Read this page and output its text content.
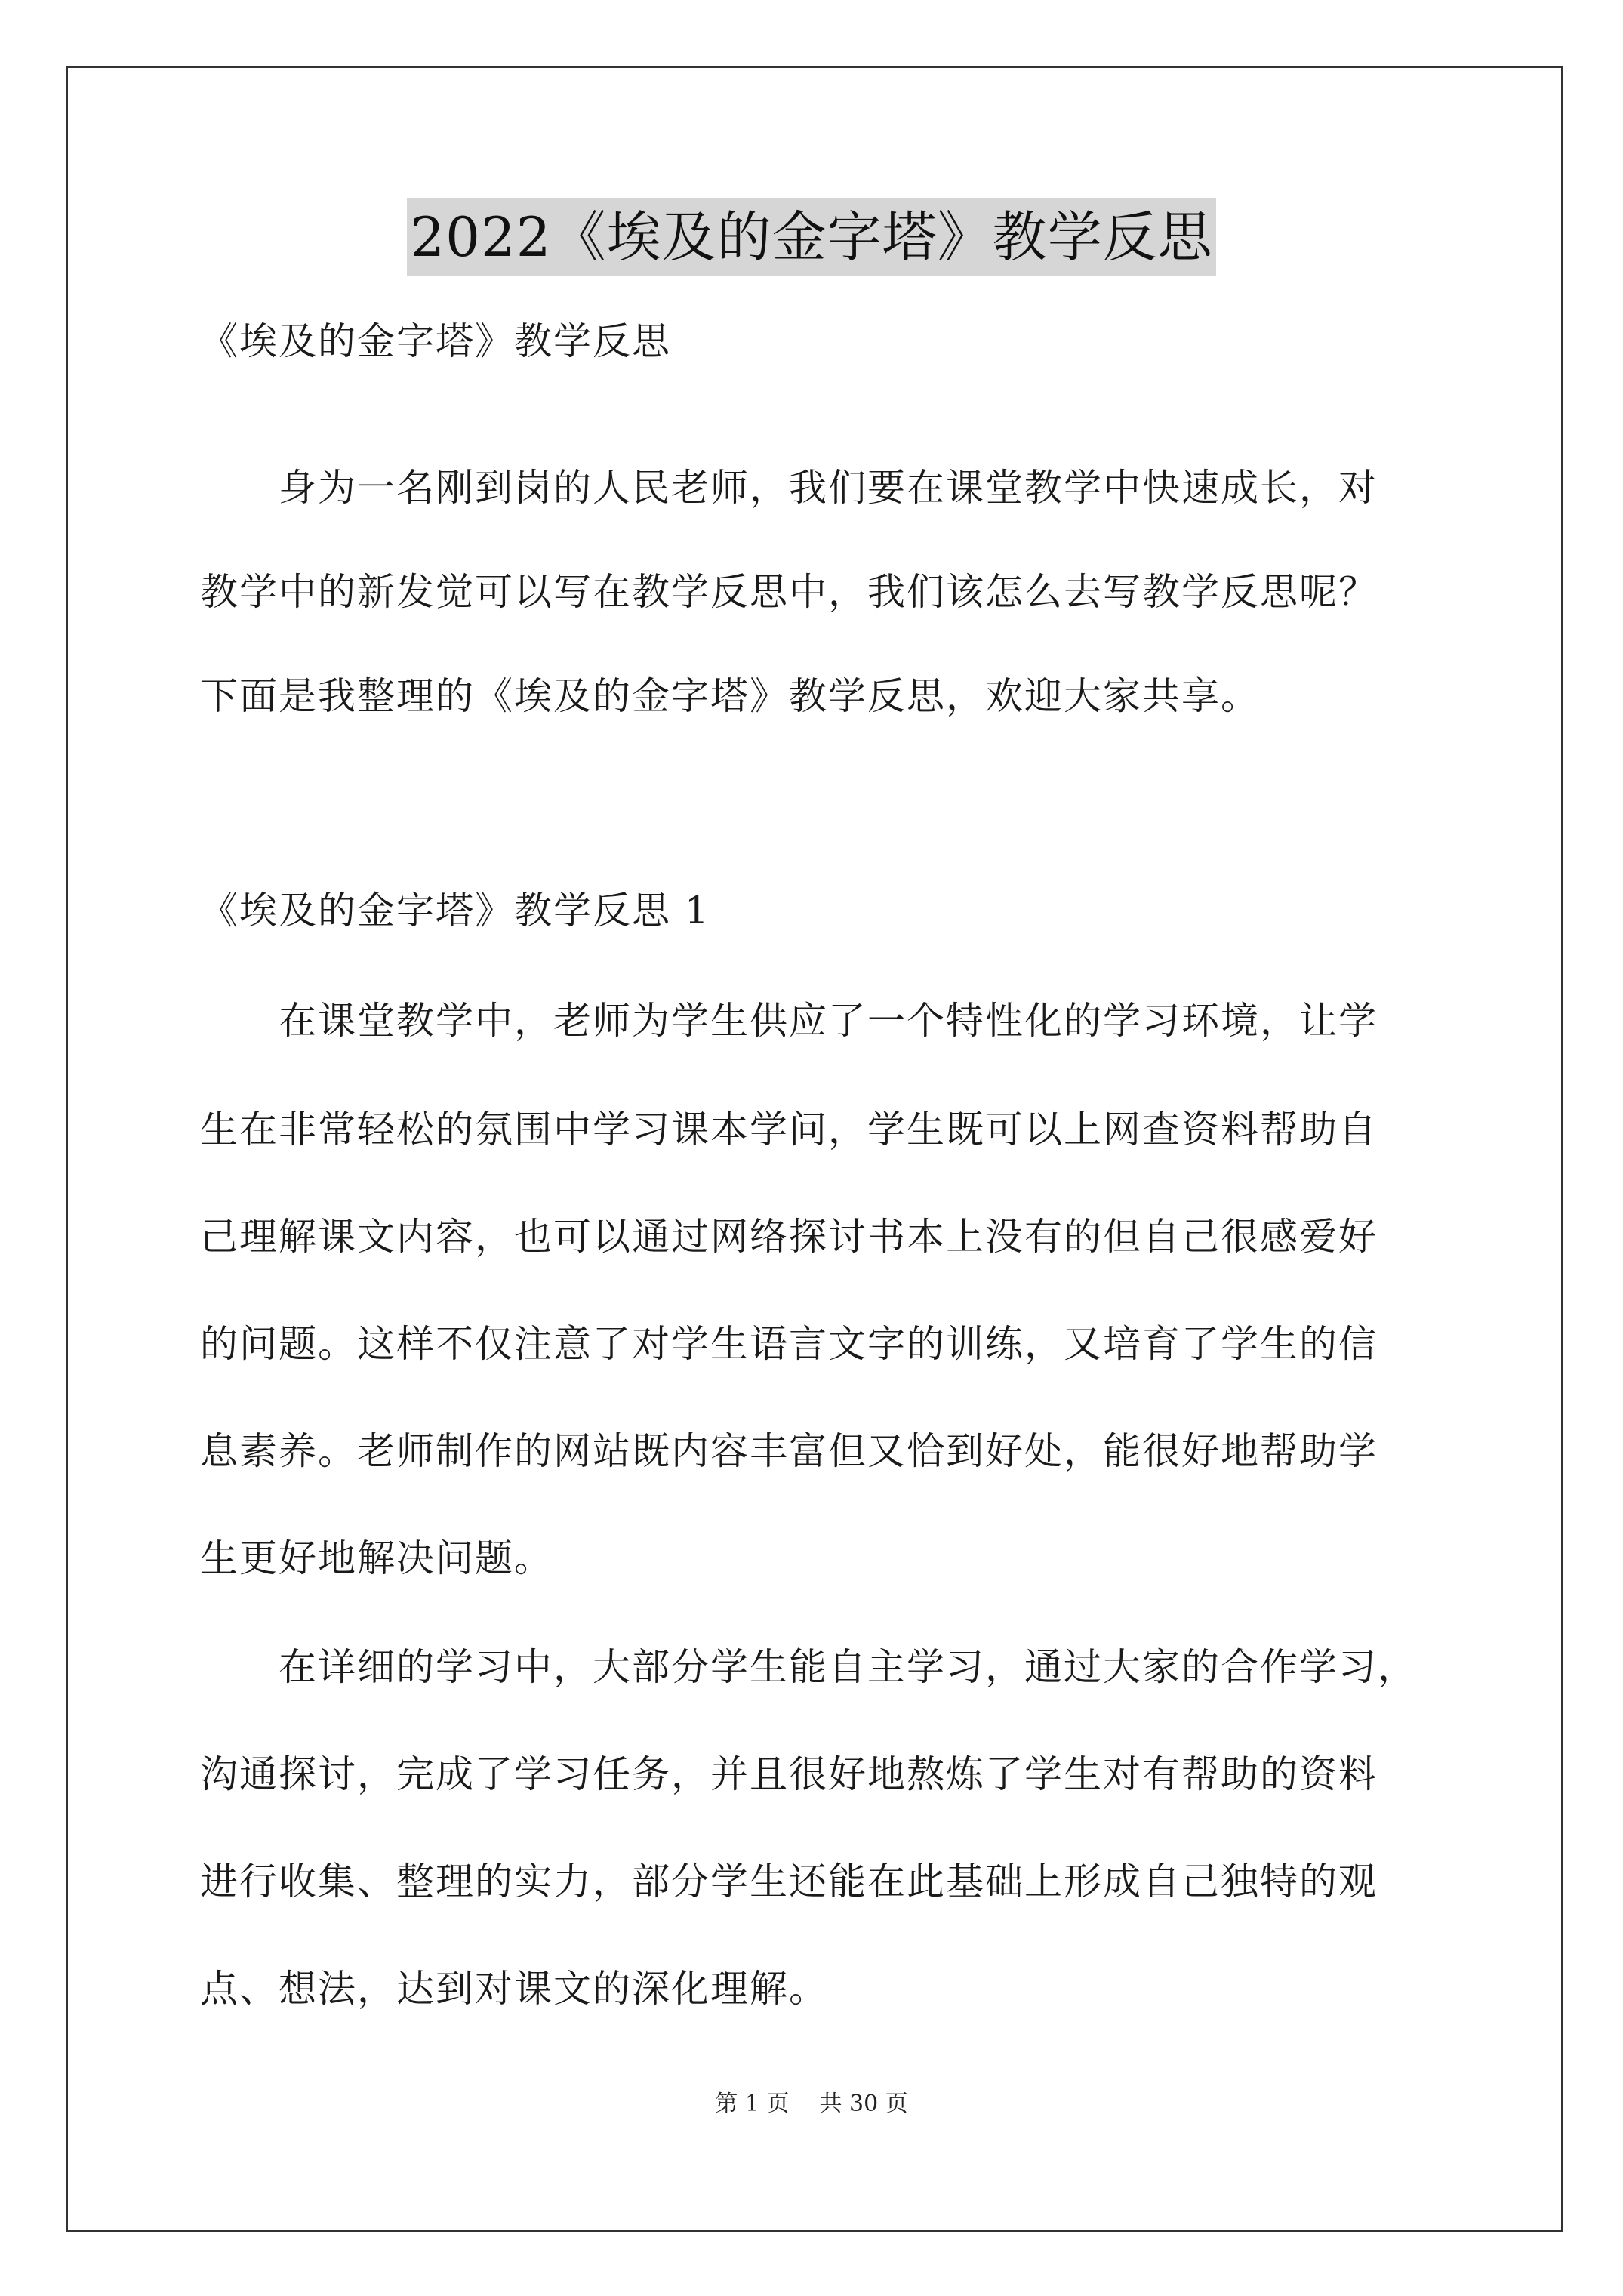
2022《埃及的金字塔》教学反思
《埃及的金字塔》教学反思
　　身为一名刚到岗的人民老师，我们要在课堂教学中快速成长，对
教学中的新发觉可以写在教学反思中，我们该怎么去写教学反思呢？
下面是我整理的《埃及的金字塔》教学反思，欢迎大家共享。
《埃及的金字塔》教学反思 1
　　在课堂教学中，老师为学生供应了一个特性化的学习环境，让学
生在非常轻松的氛围中学习课本学问，学生既可以上网查资料帮助自
己理解课文内容，也可以通过网络探讨书本上没有的但自己很感爱好
的问题。这样不仅注意了对学生语言文字的训练，又培育了学生的信
息素养。老师制作的网站既内容丰富但又恰到好处，能很好地帮助学
生更好地解决问题。
　　在详细的学习中，大部分学生能自主学习，通过大家的合作学习，
沟通探讨，完成了学习任务，并且很好地熬炼了学生对有帮助的资料
进行收集、整理的实力，部分学生还能在此基础上形成自己独特的观
点、想法，达到对课文的深化理解。
第 1 页 共 30 页
